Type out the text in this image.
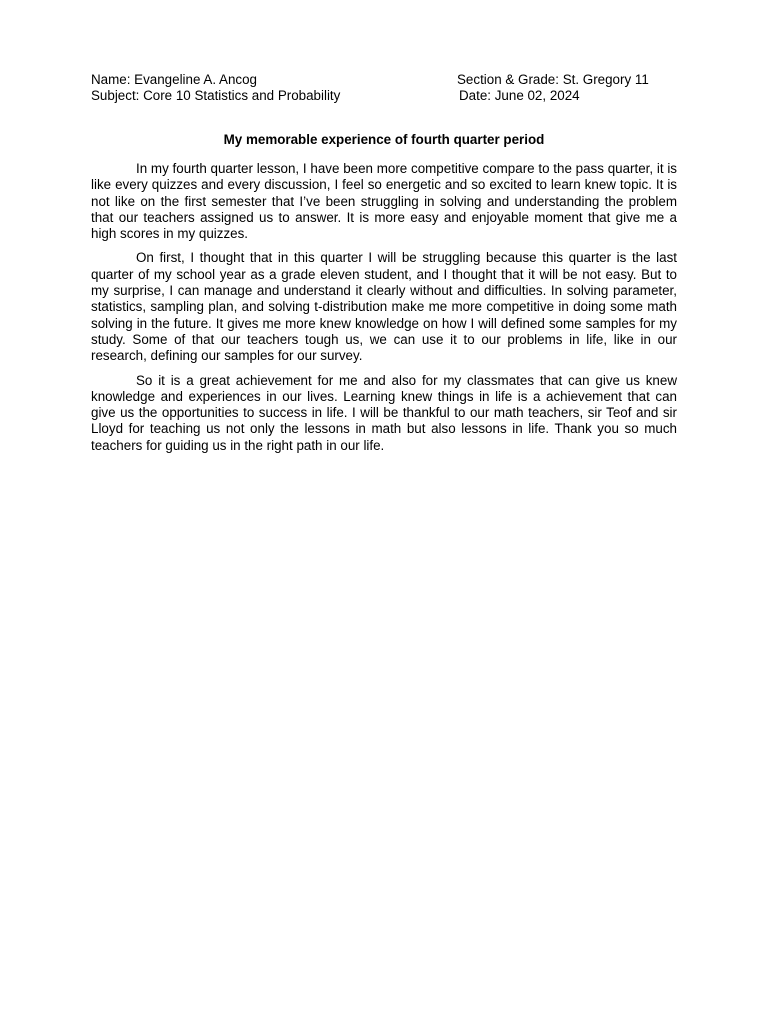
Name: Evangeline A. Ancog	Section & Grade: St. Gregory 11
Subject: Core 10 Statistics and Probability	Date: June 02, 2024
My memorable experience of fourth quarter period

In my fourth quarter lesson, I have been more competitive compare to the pass quarter, it is like every quizzes and every discussion, I feel so energetic and so excited to learn knew topic. It is not like on the first semester that I’ve been struggling in solving and understanding the problem that our teachers assigned us to answer. It is more easy and enjoyable moment that give me a high scores in my quizzes.

On first, I thought that in this quarter I will be struggling because this quarter is the last quarter of my school year as a grade eleven student, and I thought that it will be not easy. But to my surprise, I can manage and understand it clearly without and difficulties. In solving parameter, statistics, sampling plan, and solving t-distribution make me more competitive in doing some math solving in the future. It gives me more knew knowledge on how I will defined some samples for my study. Some of that our teachers tough us, we can use it to our problems in life, like in our research, defining our samples for our survey.

So it is a great achievement for me and also for my classmates that can give us knew knowledge and experiences in our lives. Learning knew things in life is a achievement that can give us the opportunities to success in life. I will be thankful to our math teachers, sir Teof and sir Lloyd for teaching us not only the lessons in math but also lessons in life. Thank you so much teachers for guiding us in the right path in our life.
